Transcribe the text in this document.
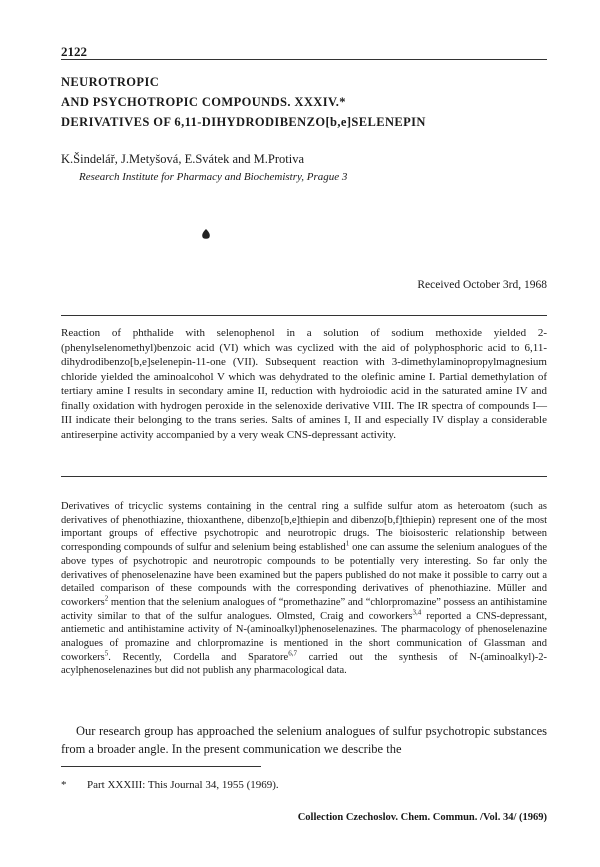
2122
NEUROTROPIC
AND PSYCHOTROPIC COMPOUNDS. XXXIV.*
DERIVATIVES OF 6,11-DIHYDRODIBENZO[b,e]SELENEPIN
K.Šindelář, J.Metyšová, E.Svátek and M.Protiva
Research Institute for Pharmacy and Biochemistry, Prague 3
Received October 3rd, 1968

Reaction of phthalide with selenophenol in a solution of sodium methoxide yielded 2-(phenylselenomethyl)benzoic acid (VI) which was cyclized with the aid of polyphosphoric acid to 6,11-dihydrodibenzo[b,e]selenepin-11-one (VII). Subsequent reaction with 3-dimethylaminopropylmagnesium chloride yielded the aminoalcohol V which was dehydrated to the olefinic amine I. Partial demethylation of tertiary amine I results in secondary amine II, reduction with hydroiodic acid in the saturated amine IV and finally oxidation with hydrogen peroxide in the selenoxide derivative VIII. The IR spectra of compounds I—III indicate their belonging to the trans series. Salts of amines I, II and especially IV display a considerable antireserpine activity accompanied by a very weak CNS-depressant activity.

Derivatives of tricyclic systems containing in the central ring a sulfide sulfur atom as heteroatom (such as derivatives of phenothiazine, thioxanthene, dibenzo[b,e]thiepin and dibenzo[b,f]thiepin) represent one of the most important groups of effective psychotropic and neurotropic drugs. The bioisosteric relationship between corresponding compounds of sulfur and selenium being established$^1$ one can assume the selenium analogues of the above types of psychotropic and neurotropic compounds to be potentially very interesting. So far only the derivatives of phenoselenazine have been examined but the papers published do not make it possible to carry out a detailed comparison of these compounds with the corresponding derivatives of phenothiazine. Müller and coworkers$^2$ mention that the selenium analogues of “promethazine” and “chlorpromazine” possess an antihistamine activity similar to that of the sulfur analogues. Olmsted, Craig and coworkers$^{3,4}$ reported a CNS-depressant, antiemetic and antihistamine activity of N-(aminoalkyl)phenoselenazines. The pharmacology of phenoselenazine analogues of promazine and chlorpromazine is mentioned in the short communication of Glassman and coworkers$^5$. Recently, Cordella and Sparatore$^{6,7}$ carried out the synthesis of N-(aminoalkyl)-2-acylphenoselenazines but did not publish any pharmacological data.

Our research group has approached the selenium analogues of sulfur psychotropic substances from a broader angle. In the present communication we describe the

* Part XXXIII: This Journal 34, 1955 (1969).
Collection Czechoslov. Chem. Commun. /Vol. 34/ (1969)
